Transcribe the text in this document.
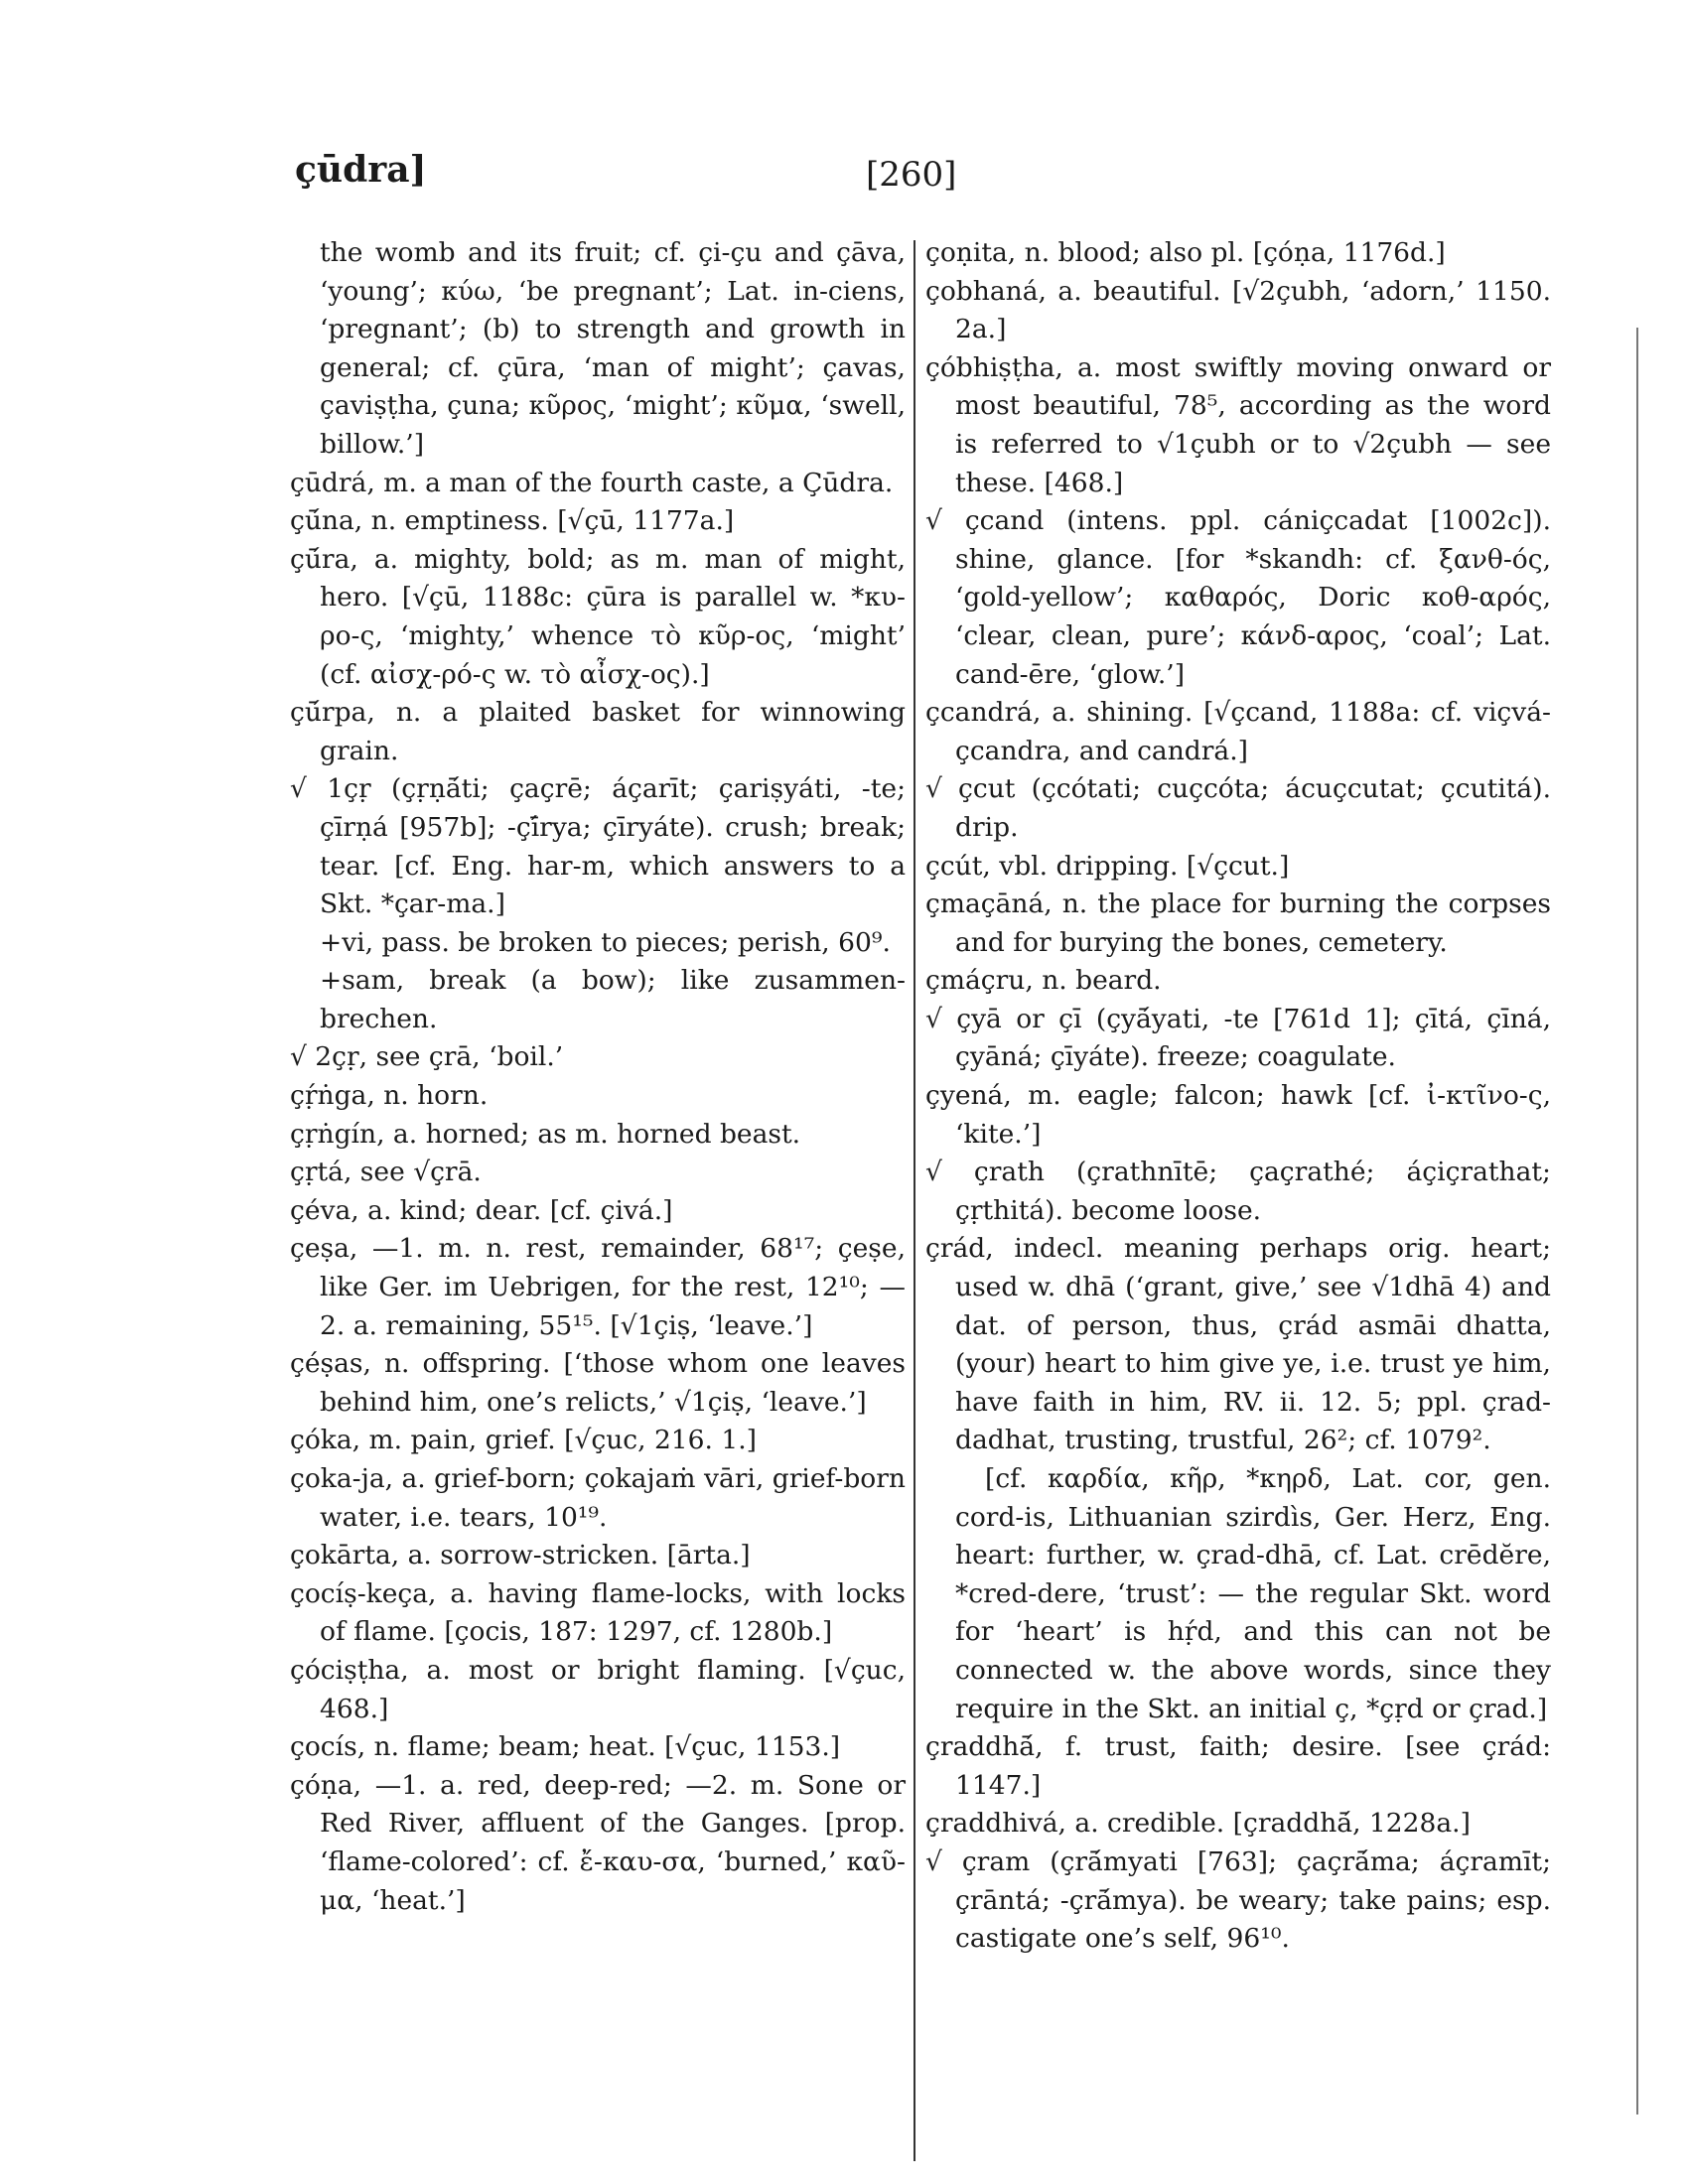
çūdra]	[260]
the womb and its fruit; cf. çi-çu and çāva, ‘young’; κύω, ‘be pregnant’; Lat. in-ciens, ‘pregnant’; (b) to strength and growth in general; cf. çūra, ‘man of might’; çavas, çaviṣṭha, çuna; κῦρος, ‘might’; κῦμα, ‘swell, billow.’]
çūdrá, m. a man of the fourth caste, a Çūdra.
çū́na, n. emptiness. [√çū, 1177a.]
çū́ra, a. mighty, bold; as m. man of might, hero. [√çū, 1188c: çūra is parallel w. *κυ-ρο-ς, ‘mighty,’ whence τὸ κῦρ-ος, ‘might’ (cf. αἰσχ-ρό-ς w. τὸ αἶσχ-ος).]
çū́rpa, n. a plaited basket for winnowing grain.
√ 1çṛ (çṛṇā́ti; çaçrē; áçarīt; çariṣyáti, -te; çīrṇá [957b]; -çī́rya; çīryáte). crush; break; tear. [cf. Eng. har-m, which answers to a Skt. *çar-ma.]
+vi, pass. be broken to pieces; perish, 60⁹.
+sam, break (a bow); like zusammen-brechen.
√ 2çṛ, see çrā, ‘boil.’
çṛ́ṅga, n. horn.
çṛṅgín, a. horned; as m. horned beast.
çṛtá, see √çrā.
çéva, a. kind; dear. [cf. çivá.]
çeṣa, —1. m. n. rest, remainder, 68¹⁷; çeṣe, like Ger. im Uebrigen, for the rest, 12¹⁰; —2. a. remaining, 55¹⁵. [√1çiṣ, ‘leave.’]
çéṣas, n. offspring. [‘those whom one leaves behind him, one’s relicts,’ √1çiṣ, ‘leave.’]
çóka, m. pain, grief. [√çuc, 216. 1.]
çoka-ja, a. grief-born; çokajaṁ vāri, grief-born water, i.e. tears, 10¹⁹.
çokārta, a. sorrow-stricken. [ārta.]
çocíṣ-keça, a. having flame-locks, with locks of flame. [çocis, 187: 1297, cf. 1280b.]
çóciṣṭha, a. most or bright flaming. [√çuc, 468.]
çocís, n. flame; beam; heat. [√çuc, 1153.]
çóṇa, —1. a. red, deep-red; —2. m. Sone or Red River, affluent of the Ganges. [prop. ‘flame-colored’: cf. ἔ-καυ-σα, ‘burned,’ καῦ-μα, ‘heat.’]
çoṇita, n. blood; also pl. [çóṇa, 1176d.]
çobhaná, a. beautiful. [√2çubh, ‘adorn,’ 1150. 2a.]
çóbhiṣṭha, a. most swiftly moving onward or most beautiful, 78⁵, according as the word is referred to √1çubh or to √2çubh — see these. [468.]
√ çcand (intens. ppl. cániçcadat [1002c]). shine, glance. [for *skandh: cf. ξανθ-ός, ‘gold-yellow’; καθαρός, Doric κοθ-αρός, ‘clear, clean, pure’; κάνδ-αρος, ‘coal’; Lat. cand-ēre, ‘glow.’]
çcandrá, a. shining. [√çcand, 1188a: cf. viçvá-çcandra, and candrá.]
√ çcut (çcótati; cuçcóta; ácuçcutat; çcutitá). drip.
çcút, vbl. dripping. [√çcut.]
çmaçāná, n. the place for burning the corpses and for burying the bones, cemetery.
çmáçru, n. beard.
√ çyā or çī (çyā́yati, -te [761d 1]; çītá, çīná, çyāná; çīyáte). freeze; coagulate.
çyená, m. eagle; falcon; hawk [cf. ἰ-κτῖνο-ς, ‘kite.’]
√ çrath (çrathnītē; çaçrathé; áçiçrathat; çṛthitá). become loose.
çrád, indecl. meaning perhaps orig. heart; used w. dhā (‘grant, give,’ see √1dhā 4) and dat. of person, thus, çrád asmāi dhatta, (your) heart to him give ye, i.e. trust ye him, have faith in him, RV. ii. 12. 5; ppl. çrad-dadhat, trusting, trustful, 26²; cf. 1079².
[cf. καρδία, κῆρ, *κηρδ, Lat. cor, gen. cord-is, Lithuanian szirdìs, Ger. Herz, Eng. heart: further, w. çrad-dhā, cf. Lat. crēdĕre, *cred-dere, ‘trust’: — the regular Skt. word for ‘heart’ is hṛ́d, and this can not be connected w. the above words, since they require in the Skt. an initial ç, *çṛd or çrad.]
çraddhā́, f. trust, faith; desire. [see çrád: 1147.]
çraddhivá, a. credible. [çraddhā́, 1228a.]
√ çram (çrā́myati [763]; çaçrā́ma; áçramīt; çrāntá; -çrā́mya). be weary; take pains; esp. castigate one’s self, 96¹⁰.
